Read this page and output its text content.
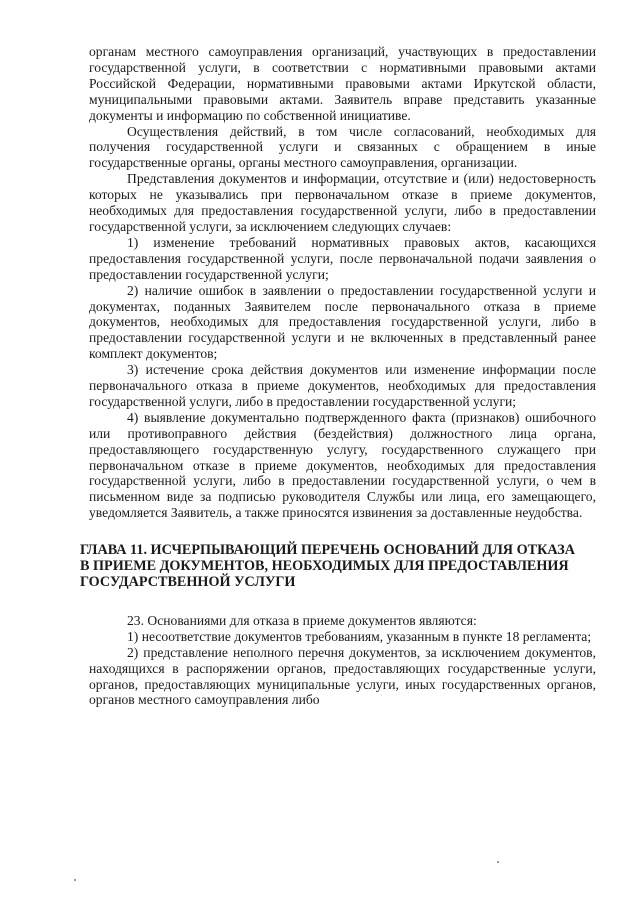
органам местного самоуправления организаций, участвующих в предоставлении государственной услуги, в соответствии с нормативными правовыми актами Российской Федерации, нормативными правовыми актами Иркутской области, муниципальными правовыми актами. Заявитель вправе представить указанные документы и информацию по собственной инициативе.

Осуществления действий, в том числе согласований, необходимых для получения государственной услуги и связанных с обращением в иные государственные органы, органы местного самоуправления, организации.

Представления документов и информации, отсутствие и (или) недостоверность которых не указывались при первоначальном отказе в приеме документов, необходимых для предоставления государственной услуги, либо в предоставлении государственной услуги, за исключением следующих случаев:

1) изменение требований нормативных правовых актов, касающихся предоставления государственной услуги, после первоначальной подачи заявления о предоставлении государственной услуги;

2) наличие ошибок в заявлении о предоставлении государственной услуги и документах, поданных Заявителем после первоначального отказа в приеме документов, необходимых для предоставления государственной услуги, либо в предоставлении государственной услуги и не включенных в представленный ранее комплект документов;

3) истечение срока действия документов или изменение информации после первоначального отказа в приеме документов, необходимых для предоставления государственной услуги, либо в предоставлении государственной услуги;

4) выявление документально подтвержденного факта (признаков) ошибочного или противоправного действия (бездействия) должностного лица органа, предоставляющего государственную услугу, государственного служащего при первоначальном отказе в приеме документов, необходимых для предоставления государственной услуги, либо в предоставлении государственной услуги, о чем в письменном виде за подписью руководителя Службы или лица, его замещающего, уведомляется Заявитель, а также приносятся извинения за доставленные неудобства.

ГЛАВА 11. ИСЧЕРПЫВАЮЩИЙ ПЕРЕЧЕНЬ ОСНОВАНИЙ ДЛЯ ОТКАЗА
В ПРИЕМЕ ДОКУМЕНТОВ, НЕОБХОДИМЫХ ДЛЯ ПРЕДОСТАВЛЕНИЯ
ГОСУДАРСТВЕННОЙ УСЛУГИ

23. Основаниями для отказа в приеме документов являются:

1) несоответствие документов требованиям, указанным в пункте 18 регламента;

2) представление неполного перечня документов, за исключением документов, находящихся в распоряжении органов, предоставляющих государственные услуги, органов, предоставляющих муниципальные услуги, иных государственных органов, органов местного самоуправления либо
